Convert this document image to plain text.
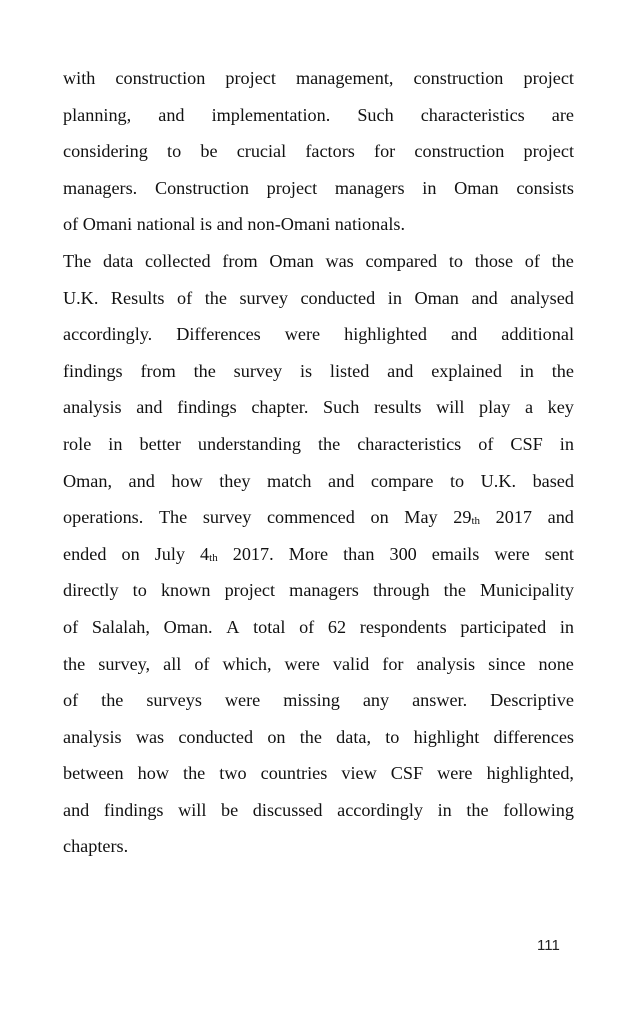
with construction project management, construction project
planning, and implementation. Such characteristics are
considering to be crucial factors for construction project
managers. Construction project managers in Oman consists
of Omani national is and non-Omani nationals.
The data collected from Oman was compared to those of the
U.K. Results of the survey conducted in Oman and analysed
accordingly. Differences were highlighted and additional
findings from the survey is listed and explained in the
analysis and findings chapter. Such results will play a key
role in better understanding the characteristics of CSF in
Oman, and how they match and compare to U.K. based
operations. The survey commenced on May $29_{th}$ 2017 and
ended on July $4_{th}$ 2017. More than 300 emails were sent
directly to known project managers through the Municipality
of Salalah, Oman. A total of 62 respondents participated in
the survey, all of which, were valid for analysis since none
of the surveys were missing any answer. Descriptive
analysis was conducted on the data, to highlight differences
between how the two countries view CSF were highlighted,
and findings will be discussed accordingly in the following
chapters.
111
